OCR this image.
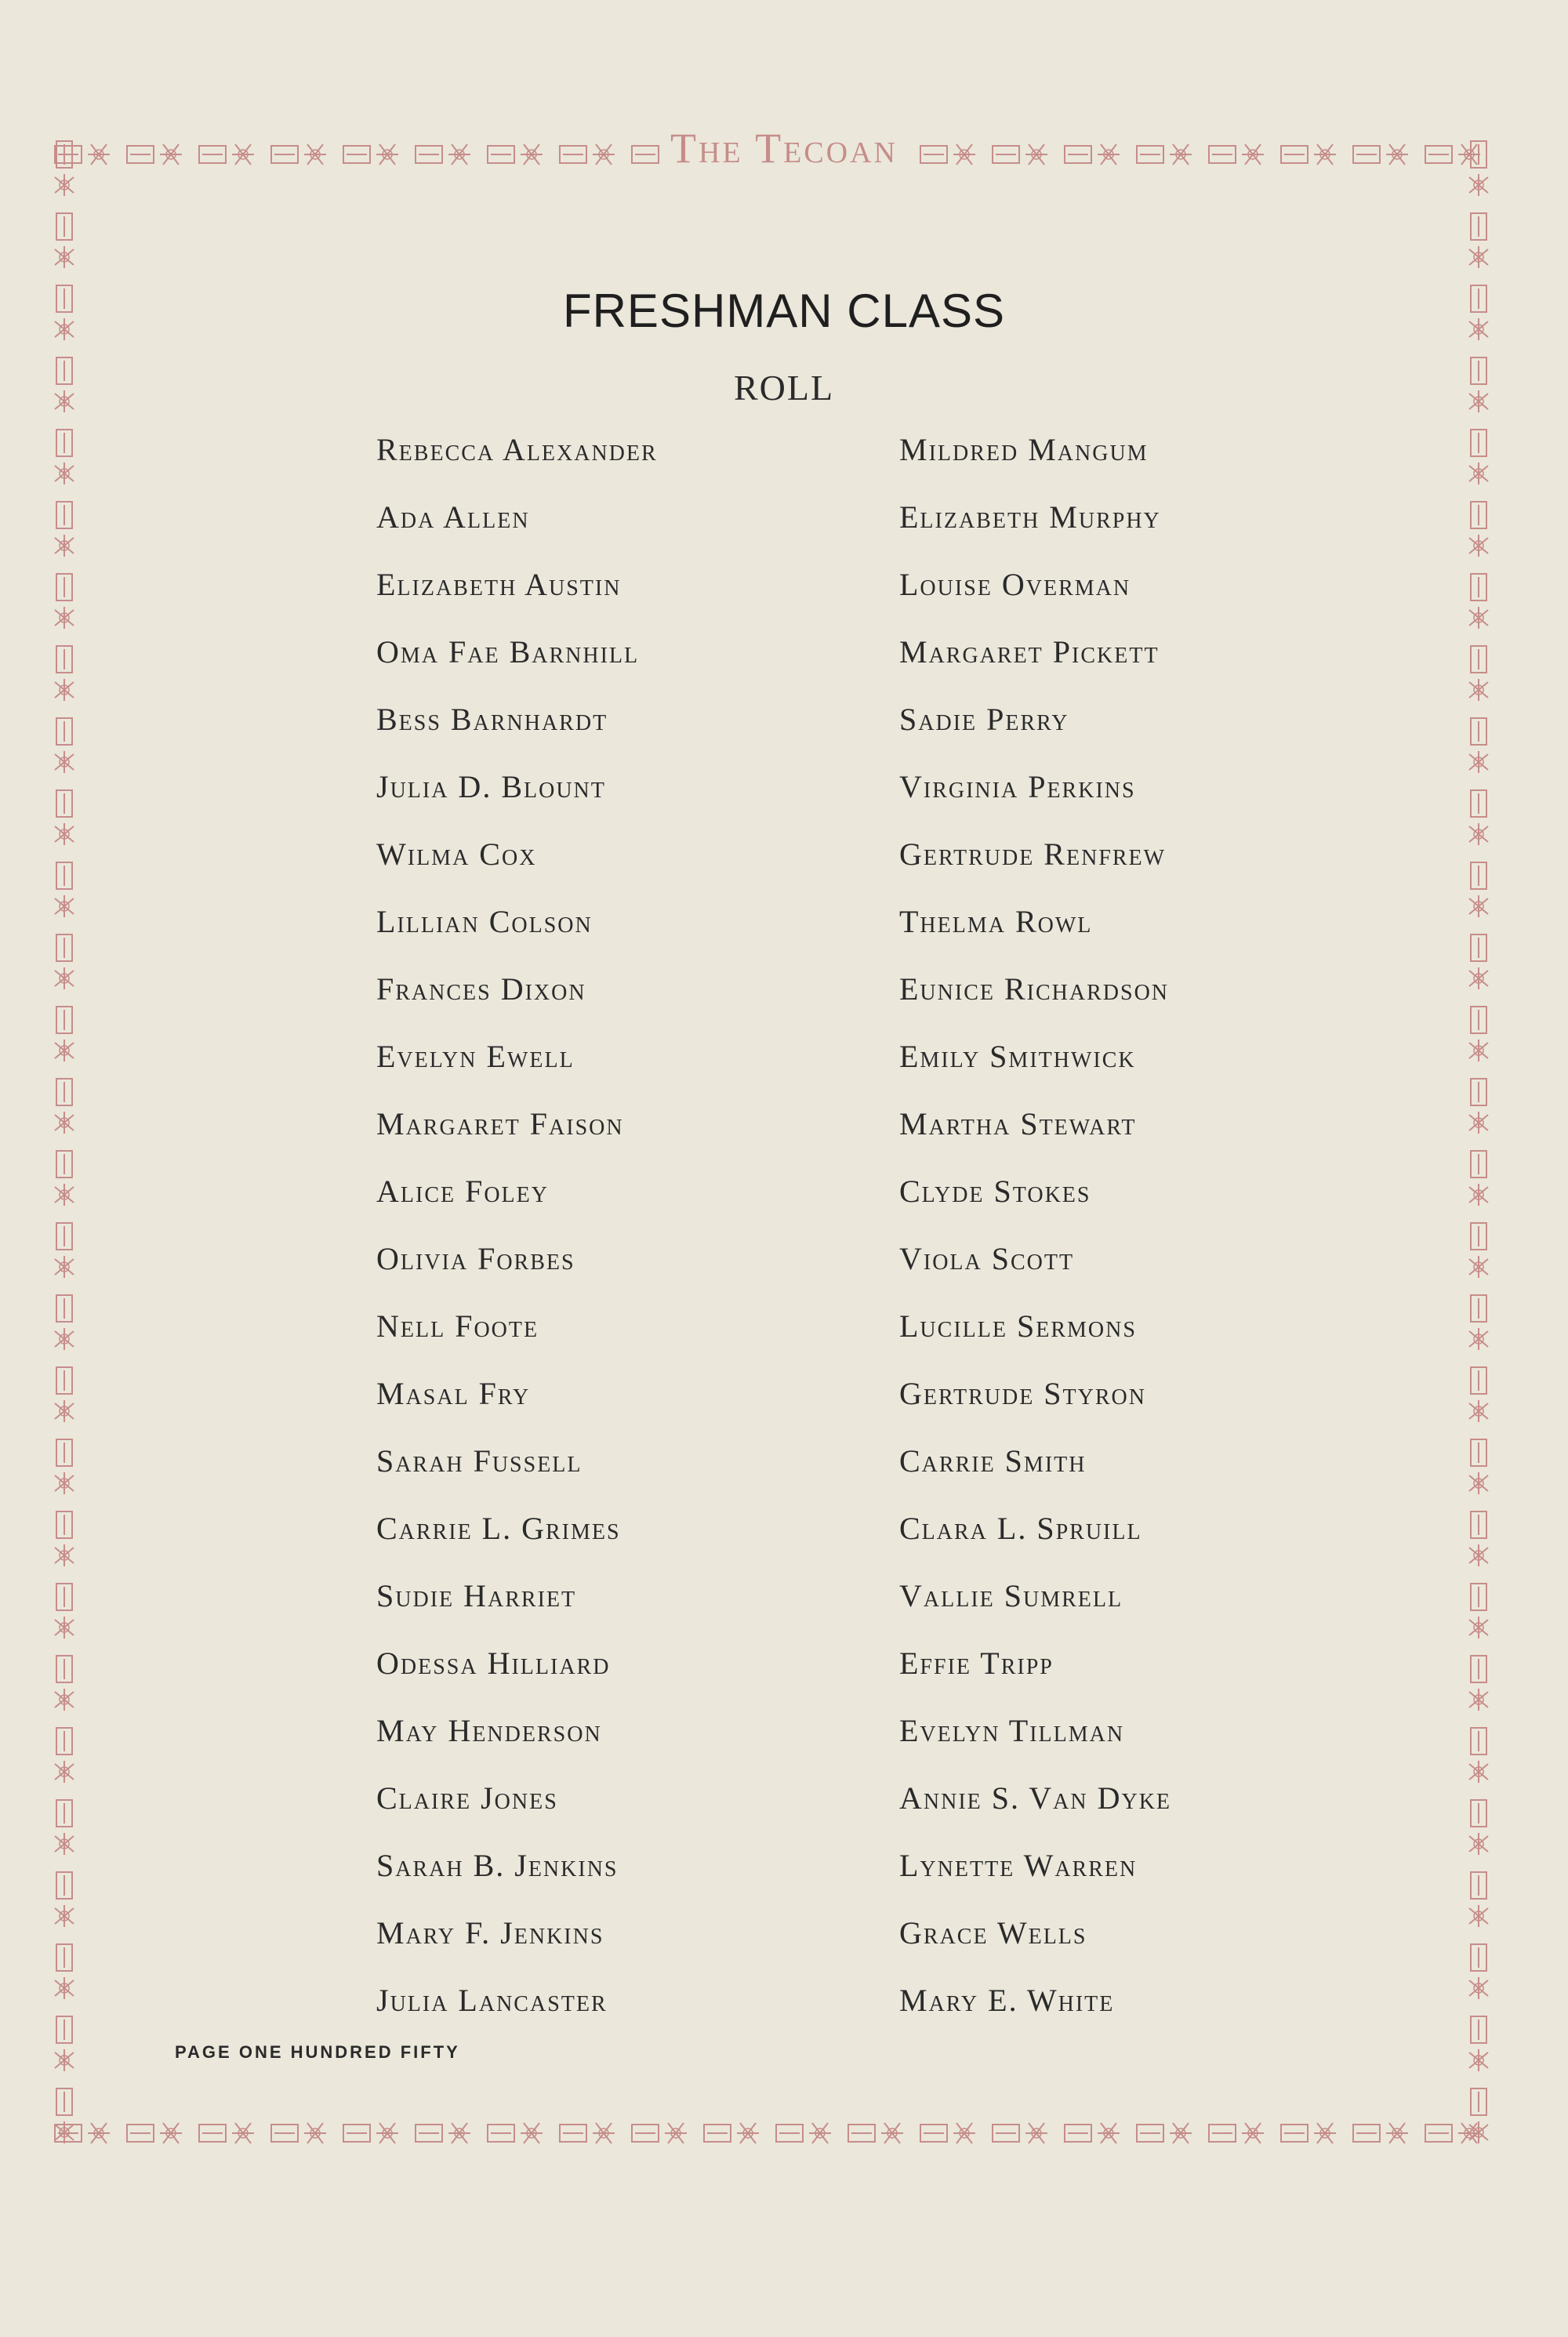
The Tecoan
FRESHMAN CLASS
ROLL
Rebecca Alexander
Ada Allen
Elizabeth Austin
Oma Fae Barnhill
Bess Barnhardt
Julia D. Blount
Wilma Cox
Lillian Colson
Frances Dixon
Evelyn Ewell
Margaret Faison
Alice Foley
Olivia Forbes
Nell Foote
Masal Fry
Sarah Fussell
Carrie L. Grimes
Sudie Harriet
Odessa Hilliard
May Henderson
Claire Jones
Sarah B. Jenkins
Mary F. Jenkins
Julia Lancaster
Mildred Mangum
Elizabeth Murphy
Louise Overman
Margaret Pickett
Sadie Perry
Virginia Perkins
Gertrude Renfrew
Thelma Rowl
Eunice Richardson
Emily Smithwick
Martha Stewart
Clyde Stokes
Viola Scott
Lucille Sermons
Gertrude Styron
Carrie Smith
Clara L. Spruill
Vallie Sumrell
Effie Tripp
Evelyn Tillman
Annie S. Van Dyke
Lynette Warren
Grace Wells
Mary E. White
PAGE ONE HUNDRED FIFTY
